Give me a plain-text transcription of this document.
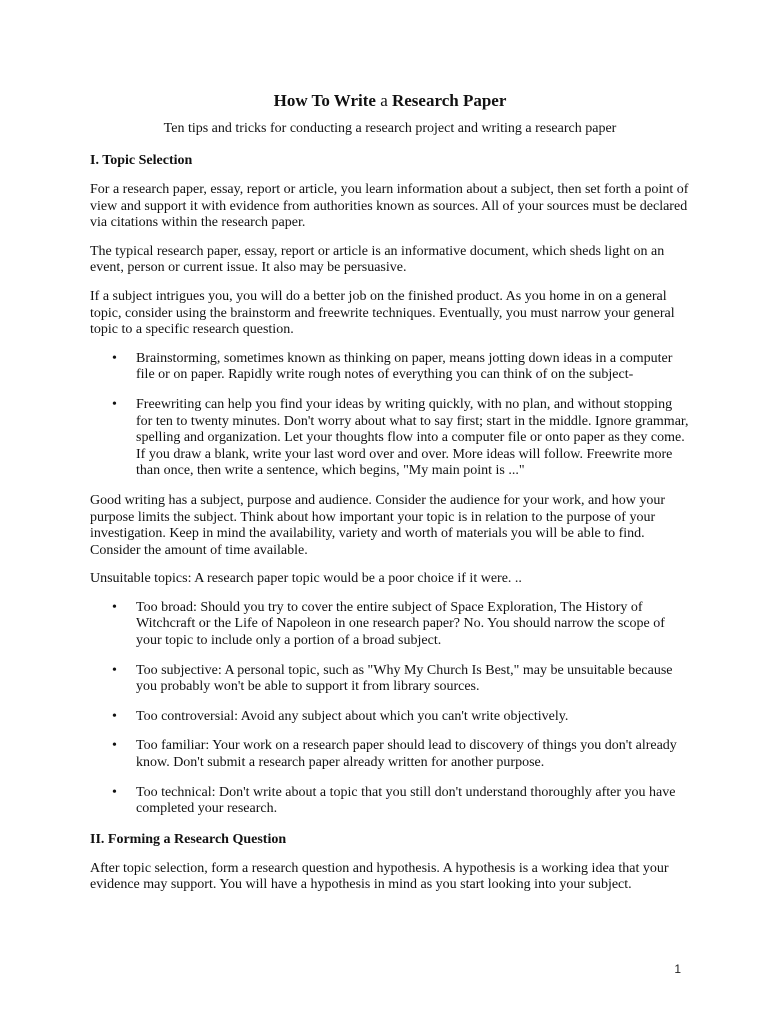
How To Write a Research Paper
Ten tips and tricks for conducting a research project and writing a research paper
I. Topic Selection

For a research paper, essay, report or article, you learn information about a subject, then set forth a point of view and support it with evidence from authorities known as sources. All of your sources must be declared via citations within the research paper.

The typical research paper, essay, report or article is an informative document, which sheds light on an event, person or current issue. It also may be persuasive.

If a subject intrigues you, you will do a better job on the finished product. As you home in on a general topic, consider using the brainstorm and freewrite techniques. Eventually, you must narrow your general topic to a specific research question.

• Brainstorming, sometimes known as thinking on paper, means jotting down ideas in a computer file or on paper. Rapidly write rough notes of everything you can think of on the subject-
• Freewriting can help you find your ideas by writing quickly, with no plan, and without stopping for ten to twenty minutes. Don't worry about what to say first; start in the middle. Ignore grammar, spelling and organization. Let your thoughts flow into a computer file or onto paper as they come. If you draw a blank, write your last word over and over. More ideas will follow. Freewrite more than once, then write a sentence, which begins, "My main point is ..."

Good writing has a subject, purpose and audience. Consider the audience for your work, and how your purpose limits the subject. Think about how important your topic is in relation to the purpose of your investigation. Keep in mind the availability, variety and worth of materials you will be able to find. Consider the amount of time available.

Unsuitable topics: A research paper topic would be a poor choice if it were. ..

• Too broad: Should you try to cover the entire subject of Space Exploration, The History of Witchcraft or the Life of Napoleon in one research paper? No. You should narrow the scope of your topic to include only a portion of a broad subject.
• Too subjective: A personal topic, such as "Why My Church Is Best," may be unsuitable because you probably won't be able to support it from library sources.
• Too controversial: Avoid any subject about which you can't write objectively.
• Too familiar: Your work on a research paper should lead to discovery of things you don't already know. Don't submit a research paper already written for another purpose.
• Too technical: Don't write about a topic that you still don't understand thoroughly after you have completed your research.
II. Forming a Research Question

After topic selection, form a research question and hypothesis. A hypothesis is a working idea that your evidence may support. You will have a hypothesis in mind as you start looking into your subject.

1
